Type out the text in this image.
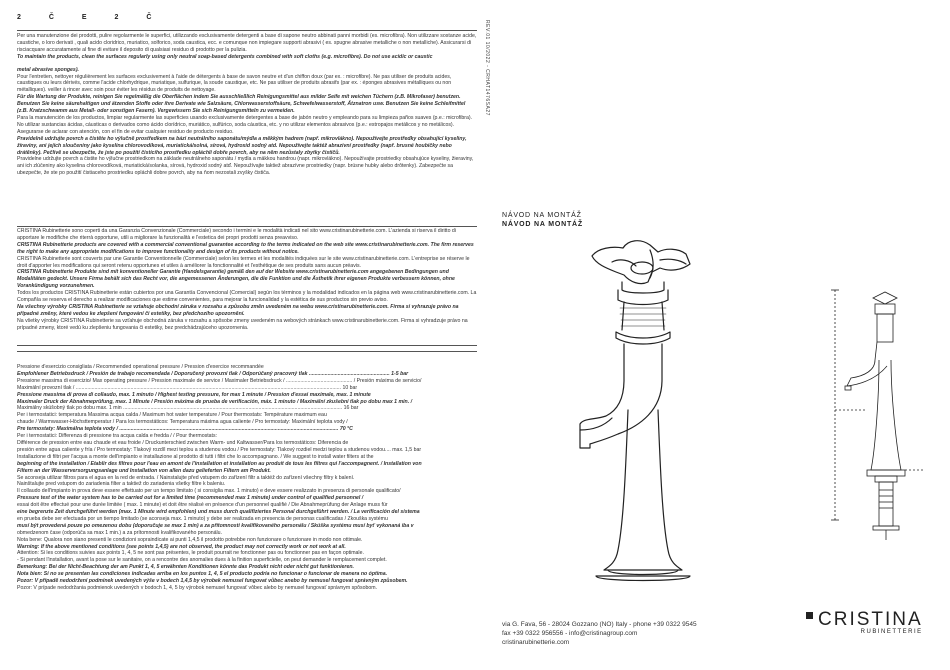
2	Č	E	2	Č

Per una manutenzione dei prodotti, pulire regolarmente le superfici, utilizzando esclusivamente detergenti a base di sapone neutro abbinati panni morbidi (es. microfibra). Non utilizzare sostanze acide, caustiche, o loro derivati , quali acido cloridrico, muriatico, solforico, soda caustica, ecc. e comunque non impiegare supporti abrasivi ( es. spugne abrasive metalliche o non metalliche). Assicurarsi di risciacquare accuratamente al fine di evitare il deposito di qualsiasi residuo di prodotto per la pulizia.

To maintain the products, clean the surfaces regularly using only neutral soap-based detergents combined with soft cloths (e.g. microfibre). Do not use acidic or caustic

metal abrasive sponges).

Pour l'entretien, nettoyer régulièrement les surfaces exclusivement à l'aide de détergents à base de savon neutre et d'un chiffon doux (par ex. : microfibre). Ne pas utiliser de produits acides, caustiques ou leurs dérivés, comme l'acide chlorhydrique, muriatique, sulfurique, la soude caustique, etc. Ne pas utiliser de produits abrasifs (par ex. : éponges abrasives métalliques ou non métalliques). veiller à rincer avec soin pour éviter les résidus de produits de nettoyage.

Für die Wartung der Produkte, reinigen Sie regelmäßig die Oberflächen indem Sie ausschließlich Reinigungsmittel aus milder Seife mit weichen Tüchern (z.B. Mikrofaser) benutzen. Benutzen Sie keine säurehaltigen und ätzenden Stoffe oder ihre Derivate wie Salzsäure, Chlorwasserstoffsäure, Schwefelwasserstoff, Ätznatron usw. Benutzen Sie keine Schleifmittel (z.B. Kratzschwamm aus Metall- oder sonstigen Fasern). Vergewissern Sie sich Reinigungsmitteln zu vermeiden.

Para la manutención de los productos, limpiar regularmente las superficies usando exclusivamente detergentes a base de jabón neutro y empleando para su limpieza paños suaves (p.e.: microfibra). No utilizar sustancias ácidas, cáusticas o derivados como ácido clorídrico, muriático, sulfúrico, soda cáustica, etc. y no utilizar elementos abrasivos (p.e.: estropajos metálicos y no metálicos). Asegurarse de aclarar con atención, con el fin de evitar cualquier residuo de producto residuo.

Pravidelně udržujte povrch a čistěte ho výlučně prostředkem na bázi neutrálního saponátu/mýdla a měkkým hadrem (např. mikrovlákno). Nepoužívejte prostředky obsahující kyseliny, žíraviny, ani jejich sloučeniny jako kyselina chlorovodíková, muriatická/solná, sírová, hydroxid sodný atd. Nepoužívejte taktéž abrazivní prostředky (např. brusné houbičky nebo drátěnky). Pečlivě se ubezpečte, že jste po použití čisticího prostředku opláchli dobře povrch, aby na něm nezůstaly zbytky čističů.

Pravidelne udržujte povrch a čistite ho výlučne prostriedkom na základe neutrálneho saponátu / mydla a mäkkou handrou (napr. mikrovlákno). Nepoužívajte prostriedky obsahujúce kyseliny, žieraviny, ani ich zlúčeniny ako kyselina chlorovodíková, muriatická/solanka, sírová, hydroxid sodný atď. Nepoužívajte taktiež abrazívne prostriedky (napr. brúsne hubky alebo drôtenky). Zabezpečte sa ubezpečte, že ste po použití čistiaceho prostriedku opláchli dobre povrch, aby na ňom nezostali zvyšky čističa.

CRISTINA Rubinetterie sono coperti da una Garanzia Convenzionale (Commerciale) secondo i termini e le modalità indicati nel sito www.cristinarubinetterie.com. L'azienda si riserva il diritto di apportare le modifiche che riterrà opportune, utili a migliorare la funzionalità e l'estetica dei propri prodotti senza preavviso.

CRISTINA Rubinetterie products are covered with a commercial conventional guarantee according to the terms indicated on the web site www.cristinarubinetterie.com. The firm reserves the right to make any appropriate modifications to improve functionality and design of its products without notice.

CRISTINA Rubinetterie sont couverts par une Garantie Conventionnelle (Commerciale) selon les termes et les modalités indiquées sur le site www.cristinarubinetterie.com. L'entreprise se réserve le droit d'apporter les modifications qui seront retenu opportunes et utiles à améliorer la fonctionnalité et l'esthétique de ses produits sans aucun préavis.

CRISTINA Rubinetterie Produkte sind mit konventioneller Garantie (Handelsgarantie) gemäß den auf der Website www.cristinarubinetterie.com angegebenen Bedingungen und Modalitäten gedeckt. Unsere Firma behält sich das Recht vor, die angemessenen Änderungen, die die Funktion und die Ästhetik ihrer eigenen Produkte verbessern können, ohne Vorankündigung vorzunehmen.

Todos los productos CRISTINA Rubinetterie están cubiertos por una Garantía Convencional (Comercial) según los términos y la modalidad indicados en la página web www.cristinarubinetterie.com. La Compañía se reserva el derecho a realizar modificaciones que estime convenientes, para mejorar la funcionalidad y la estética de sus productos sin previo aviso.

Na všechny výrobky CRISTINA Rubinetterie se vztahuje obchodní záruka v rozsahu a způsobu změn uvedeném na webu www.cristinarubinetterie.com. Firma si vyhrazuje právo na případné změny, které vedou ke zlepšení fungování či estetiky, bez předchozího upozornění.

Na všetky výrobky CRISTINA Rubinetterie sa vzťahuje obchodná záruka v rozsahu a spôsobe zmeny uvedeném na webových stránkach www.cristinarubinetterie.com. Firma si vyhradzuje právo na prípadné zmeny, ktoré vedú ku zlepšeniu fungovania či estetiky, bez predchádzajúceho upozornenia.

Pressione d'esercizio consigliata / Recommended operational pressure / Pression d'exercice recommandée

Empfohlener Betriebsdruck / Presión de trabajo recomendada / Doporučený provozní tlak / Odporúčaný pracovný tlak ........................................................ 1-5 bar

Pressione massima di esercizio/ Max operating pressure / Pression maximale de service / Maximaler Betriebsdruck / .............................................. / Presión máxima de servicio/

Maximální provozní tlak / ........................................................................................................................................................................................ 10 bar

Pressione massima di prova di collaudo, max. 1 minuto / Highest testing pressure, for max 1 minute / Pression d'essai maximale, max. 1 minute

Maximaler Druck der Abnahmeprüfung, max. 1 Minute / Presión máxima de prueba de verificación, máx. 1 minuto / Maximální zkušební tlak po dobu max 1 min. /

Maximálny skúšobný tlak po dobu max. 1 min ........................................................................................................................................................ 16 bar

Per i termostatici: temperatura Massima acqua calda / Maximum hot water temperature / Pour thermostats: Température maximum eau

chaude / Warmwasser-Höchsttemperatur / Para los termostáticos: Temperatura máxima agua caliente / Pro termostaty: Maximální teplota vody /

Pre termostaty: Maximálna teplota vody / ........................................................................................................................................................ 70 °C

Per i termostatici: Differenza di pressione tra acqua calda e fredda / / Pour thermostats:

Différence de pression entre eau chaude et eau froide / Druckunterschied zwischen Warm- und Kaltwasser/Para los termostáticos: Diferencia de

presión entre agua caliente y fría / Pro termostaty: Tlakový rozdíl mezi teplou a studenou vodou / Pre termostaty: Tlakový rozdiel medzi teplou a studenou vodou.... max. 1,5 bar

Installazione di filtri per l'acqua a monte dell'impianto e installazione al prodotto di tutti i filtri che lo accompagnano. / We suggest to install water filters at the

beginning of the installation / Etablir des filtres pour l'eau en amont de l'installation et installation au produit de tous les filtres qui l'accompagnent. / Installation von

Filtern an der Wasserversorgungsanlage und Installation von allen dazu gelieferten Filtern am Produkt.

Se aconseja utilizar filtros para el agua en la red de entrada. / Nainstalujte před vstupem do zařízení filtr a taktéž do zařízení všechny filtry k balení.

Nainštalujte pred vstupom do zariadenia filter a taktiež do zariadenia všetky filtre k baleniu.

Il collaudo dell'impianto in prova deve essere effettuato per un tempo limitato ( si consiglia max. 1 minuto) e deve essere realizzato in presenza di personale qualificato/

Pressure test of the water system has to be carried out for a limited time (recommended max 1 minute) under control of qualified personnel /

essai doit être effectué pour une durée limitée ( max. 1 minute) et doit être réalisé en présence d'un personnel qualifié / Die Abnahmeprüfung der Anlage muss für

eine begrenzte Zeit durchgeführt werden (max. 1 Minute wird empfohlen) und muss durch qualifiziertes Personal durchgeführt werden. / La verificación del sistema

en prueba debe ser efectuada por un tiempo limitado (se aconseja max. 1 minuto) y debe ser realizada en presencia de personas cualificadas / Zkouška systému

musí být provedená pouze po omezenou dobu (doporučuje se max 1 min) a za přítomnosti kvalifikovaného personálu / Skúška systému musí byť vykonaná iba v

obmedzenom čase (odporúča sa max 1 min.) a za prítomnosti kvalifikovaného personálu.

Nota bene: Qualora non siano presenti le condizioni sopraindicate ai punti 1,4,5 il prodotto potrebbe non funzionare o funzionare in modo non ottimale.

Warning: If the above mentioned conditions (see points 1,4,5) are not observed, the product may not correctly work or not work at all.

Attention: Si les conditions suivies aux points 1, 4, 5 ne sont pas présentes, le produit pourrait ne fonctionner pas ou fonctionner pas en façon optimale.

- Si pendant l'installation, avant la pose sur le sanitaire, on a rencontre des anomalies dues à la finition superficielle, on peut demander le remplacement complet.

Bemerkung: Bei der Nicht-Beachtung der am Punkt 1, 4, 5 erwähnten Konditionen könnte das Produkt nicht oder nicht gut funktionieren.

Nota bien: Si no se presentan las condiciones indicadas arriba en los puntos 1, 4, 5 el producto podría no funcionar o funcionar de manera no óptima.

Pozor: V případě nedodržení podmínek uvedených výše v bodech 1,4,5 by výrobek nemusel fungovat vůbec anebo by nemusel fungovat správným způsobem.

Pozor: V prípade nedodržania podmienok uvedených v bodoch 1, 4, 5 by výrobok nemusel fungovať vôbec alebo by nemusel fungovať správnym spôsobom.

REV.01 10/2022 - CRHAT1476SA27
NÁVOD NA MONTÁŽ
NÁVOD NA MONTÁŽ
CRISTINA
RUBINETTERIE
via G. Fava, 56 - 28024 Gozzano (NO) Italy - phone +39 0322 9545
fax +39 0322 956556 - info@cristinagroup.com
cristinarubinetterie.com
